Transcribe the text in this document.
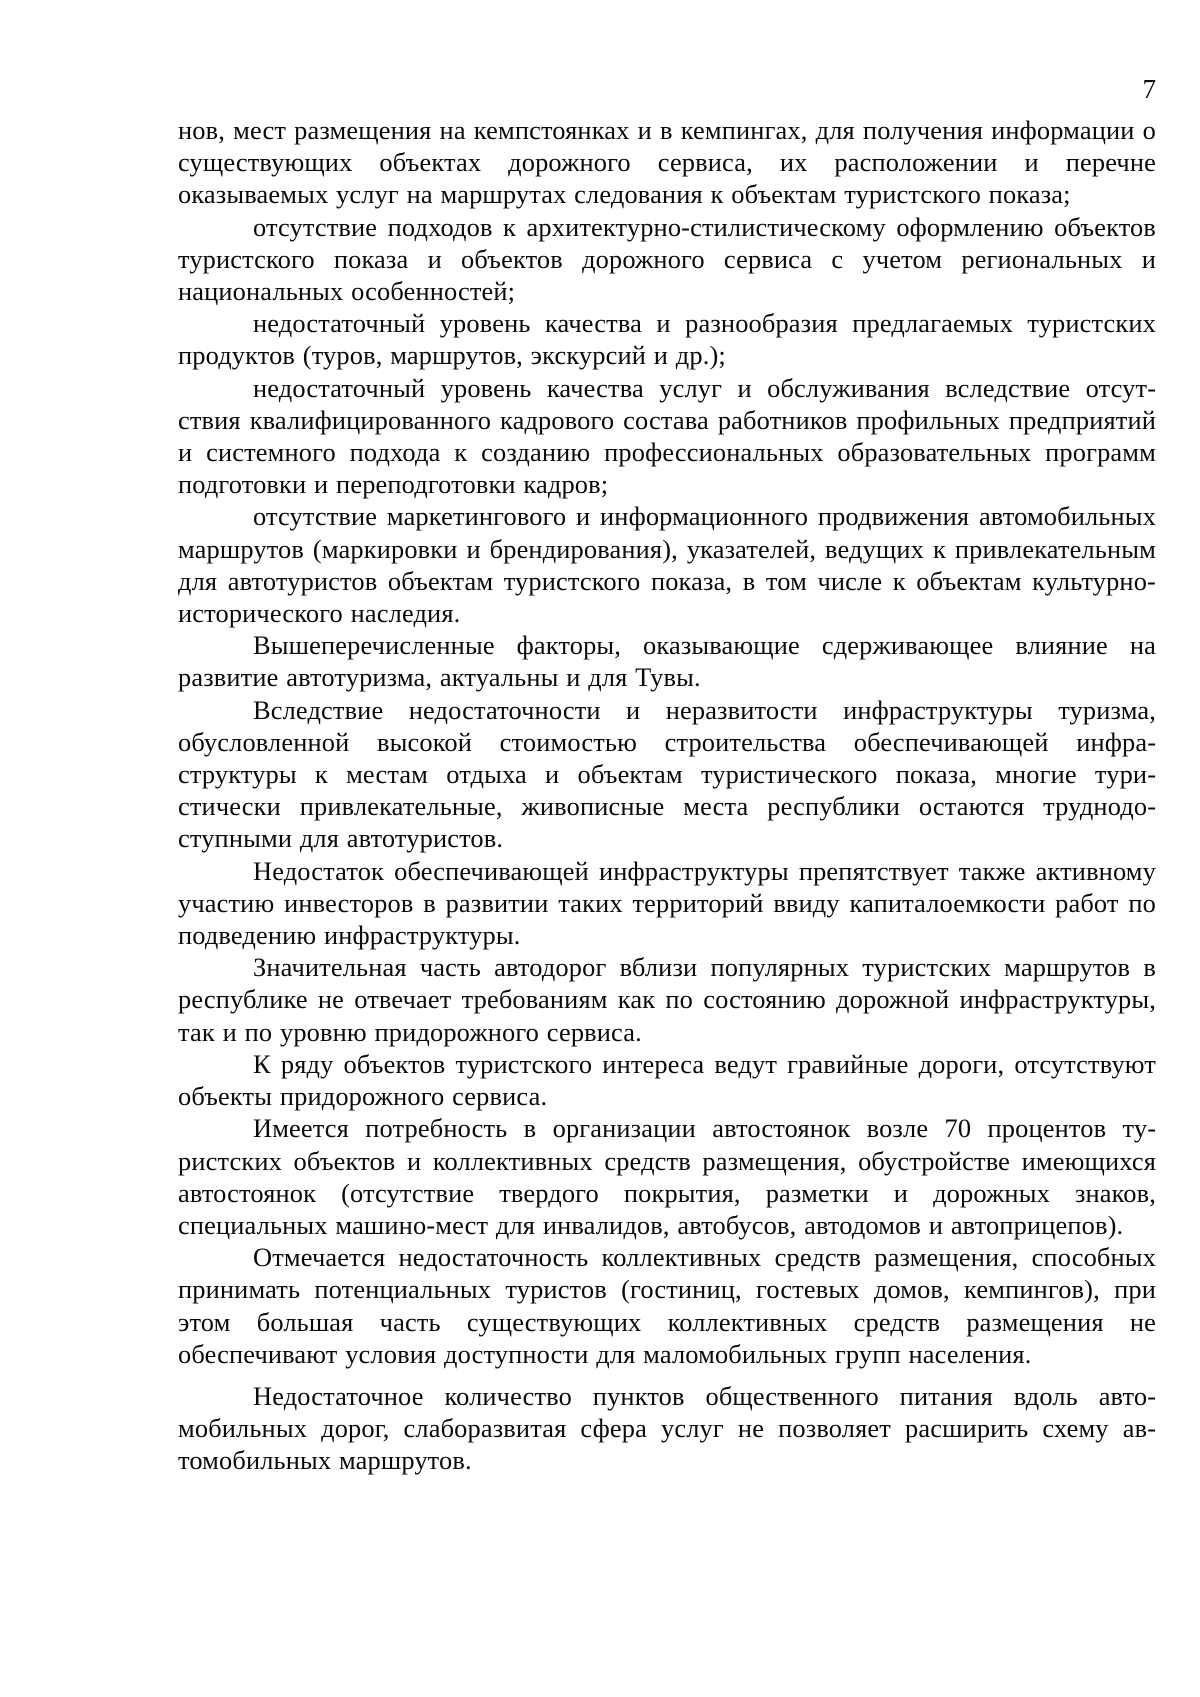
7

нов, мест размещения на кемпстоянках и в кемпингах, для получения информации о существующих объектах дорожного сервиса, их расположении и перечне оказываемых услуг на маршрутах следования к объектам туристского показа;

отсутствие подходов к архитектурно-стилистическому оформлению объектов туристского показа и объектов дорожного сервиса с учетом региональных и национальных особенностей;

недостаточный уровень качества и разнообразия предлагаемых туристских продуктов (туров, маршрутов, экскурсий и др.);

недостаточный уровень качества услуг и обслуживания вследствие отсутствия квалифицированного кадрового состава работников профильных предприятий и системного подхода к созданию профессиональных образовательных программ подготовки и переподготовки кадров;

отсутствие маркетингового и информационного продвижения автомобильных маршрутов (маркировки и брендирования), указателей, ведущих к привлекательным для автотуристов объектам туристского показа, в том числе к объектам культурно-исторического наследия.

Вышеперечисленные факторы, оказывающие сдерживающее влияние на развитие автотуризма, актуальны и для Тувы.

Вследствие недостаточности и неразвитости инфраструктуры туризма, обусловленной высокой стоимостью строительства обеспечивающей инфраструктуры к местам отдыха и объектам туристического показа, многие туристически привлекательные, живописные места республики остаются труднодоступными для автотуристов.

Недостаток обеспечивающей инфраструктуры препятствует также активному участию инвесторов в развитии таких территорий ввиду капиталоемкости работ по подведению инфраструктуры.

Значительная часть автодорог вблизи популярных туристских маршрутов в республике не отвечает требованиям как по состоянию дорожной инфраструктуры, так и по уровню придорожного сервиса.

К ряду объектов туристского интереса ведут гравийные дороги, отсутствуют объекты придорожного сервиса.

Имеется потребность в организации автостоянок возле 70 процентов туристских объектов и коллективных средств размещения, обустройстве имеющихся автостоянок (отсутствие твердого покрытия, разметки и дорожных знаков, специальных машино-мест для инвалидов, автобусов, автодомов и автоприцепов).

Отмечается недостаточность коллективных средств размещения, способных принимать потенциальных туристов (гостиниц, гостевых домов, кемпингов), при этом большая часть существующих коллективных средств размещения не обеспечивают условия доступности для маломобильных групп населения.

Недостаточное количество пунктов общественного питания вдоль автомобильных дорог, слаборазвитая сфера услуг не позволяет расширить схему автомобильных маршрутов.
